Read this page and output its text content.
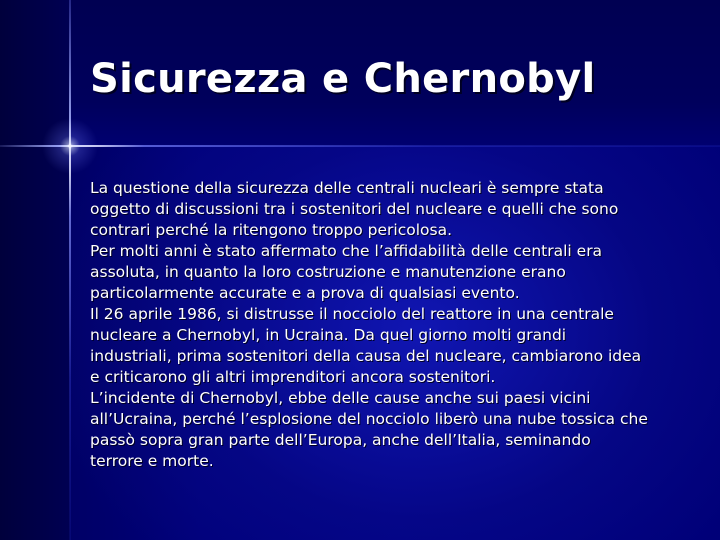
Sicurezza e Chernobyl
La questione della sicurezza delle centrali nucleari è sempre stata
oggetto di discussioni tra i sostenitori del nucleare e quelli che sono
contrari perché la ritengono troppo pericolosa.
Per molti anni è stato affermato che l’affidabilità delle centrali era
assoluta, in quanto la loro costruzione e manutenzione erano
particolarmente accurate e a prova di qualsiasi evento.
Il 26 aprile 1986, si distrusse il nocciolo del reattore in una centrale
nucleare a Chernobyl, in Ucraina. Da quel giorno molti grandi
industriali, prima sostenitori della causa del nucleare, cambiarono idea
e criticarono gli altri imprenditori ancora sostenitori.
L’incidente di Chernobyl, ebbe delle cause anche sui paesi vicini
all’Ucraina, perché l’esplosione del nocciolo liberò una nube tossica che
passò sopra gran parte dell’Europa, anche dell’Italia, seminando
terrore e morte.
